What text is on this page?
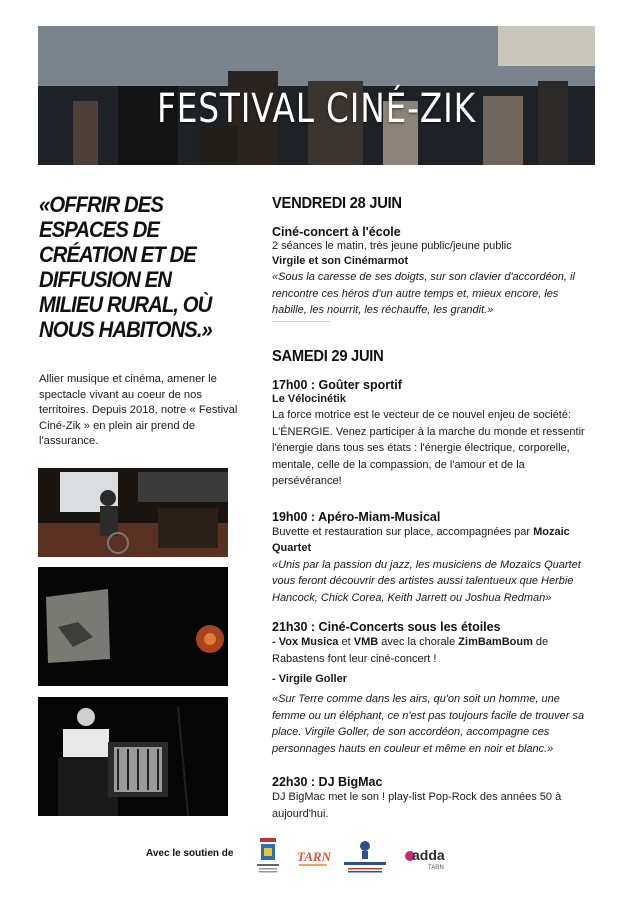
FESTIVAL CINÉ-ZIK
«OFFRIR DES ESPACES DE CRÉATION ET DE DIFFUSION EN MILIEU RURAL, OÙ NOUS HABITONS.»
Allier musique et cinéma, amener le spectacle vivant au coeur de nos territoires. Depuis 2018, notre « Festival Ciné-Zik » en plein air prend de l'assurance.
VENDREDI 28 JUIN
Ciné-concert à l'école
2 séances le matin, très jeune public/jeune public
Virgile et son Cinémarmot
«Sous la caresse de ses doigts, sur son clavier d'accordéon, il rencontre ces héros d'un autre temps et, mieux encore, les habille, les nourrit, les réchauffe, les grandit.»
SAMEDI 29 JUIN
17h00 : Goûter sportif
Le Vélocinétik
La force motrice est le vecteur de ce nouvel enjeu de société: L'ÉNERGIE. Venez participer à la marche du monde et ressentir l'énergie dans tous ses états : l'énergie électrique, corporelle, mentale, celle de la compassion, de l'amour et de la persévérance!
19h00 : Apéro-Miam-Musical
Buvette et restauration sur place, accompagnées par Mozaic Quartet
«Unis par la passion du jazz, les musiciens de Mozaïcs Quartet vous feront découvrir des artistes aussi talentueux que Herbie Hancock, Chick Corea, Keith Jarrett ou Joshua Redman»
21h30 : Ciné-Concerts sous les étoiles
- Vox Musica et VMB avec la chorale ZimBamBoum de Rabastens font leur ciné-concert !
- Virgile Goller
«Sur Terre comme dans les airs, qu'on soit un homme, une femme ou un éléphant, ce n'est pas toujours facile de trouver sa place. Virgile Goller, de son accordéon, accompagne ces personnages hauts en couleur et même en noir et blanc.»
22h30 : DJ BigMac
DJ BigMac met le son ! play-list Pop-Rock des années 50 à aujourd'hui.
Avec le soutien de	TARN	adda
TARN
